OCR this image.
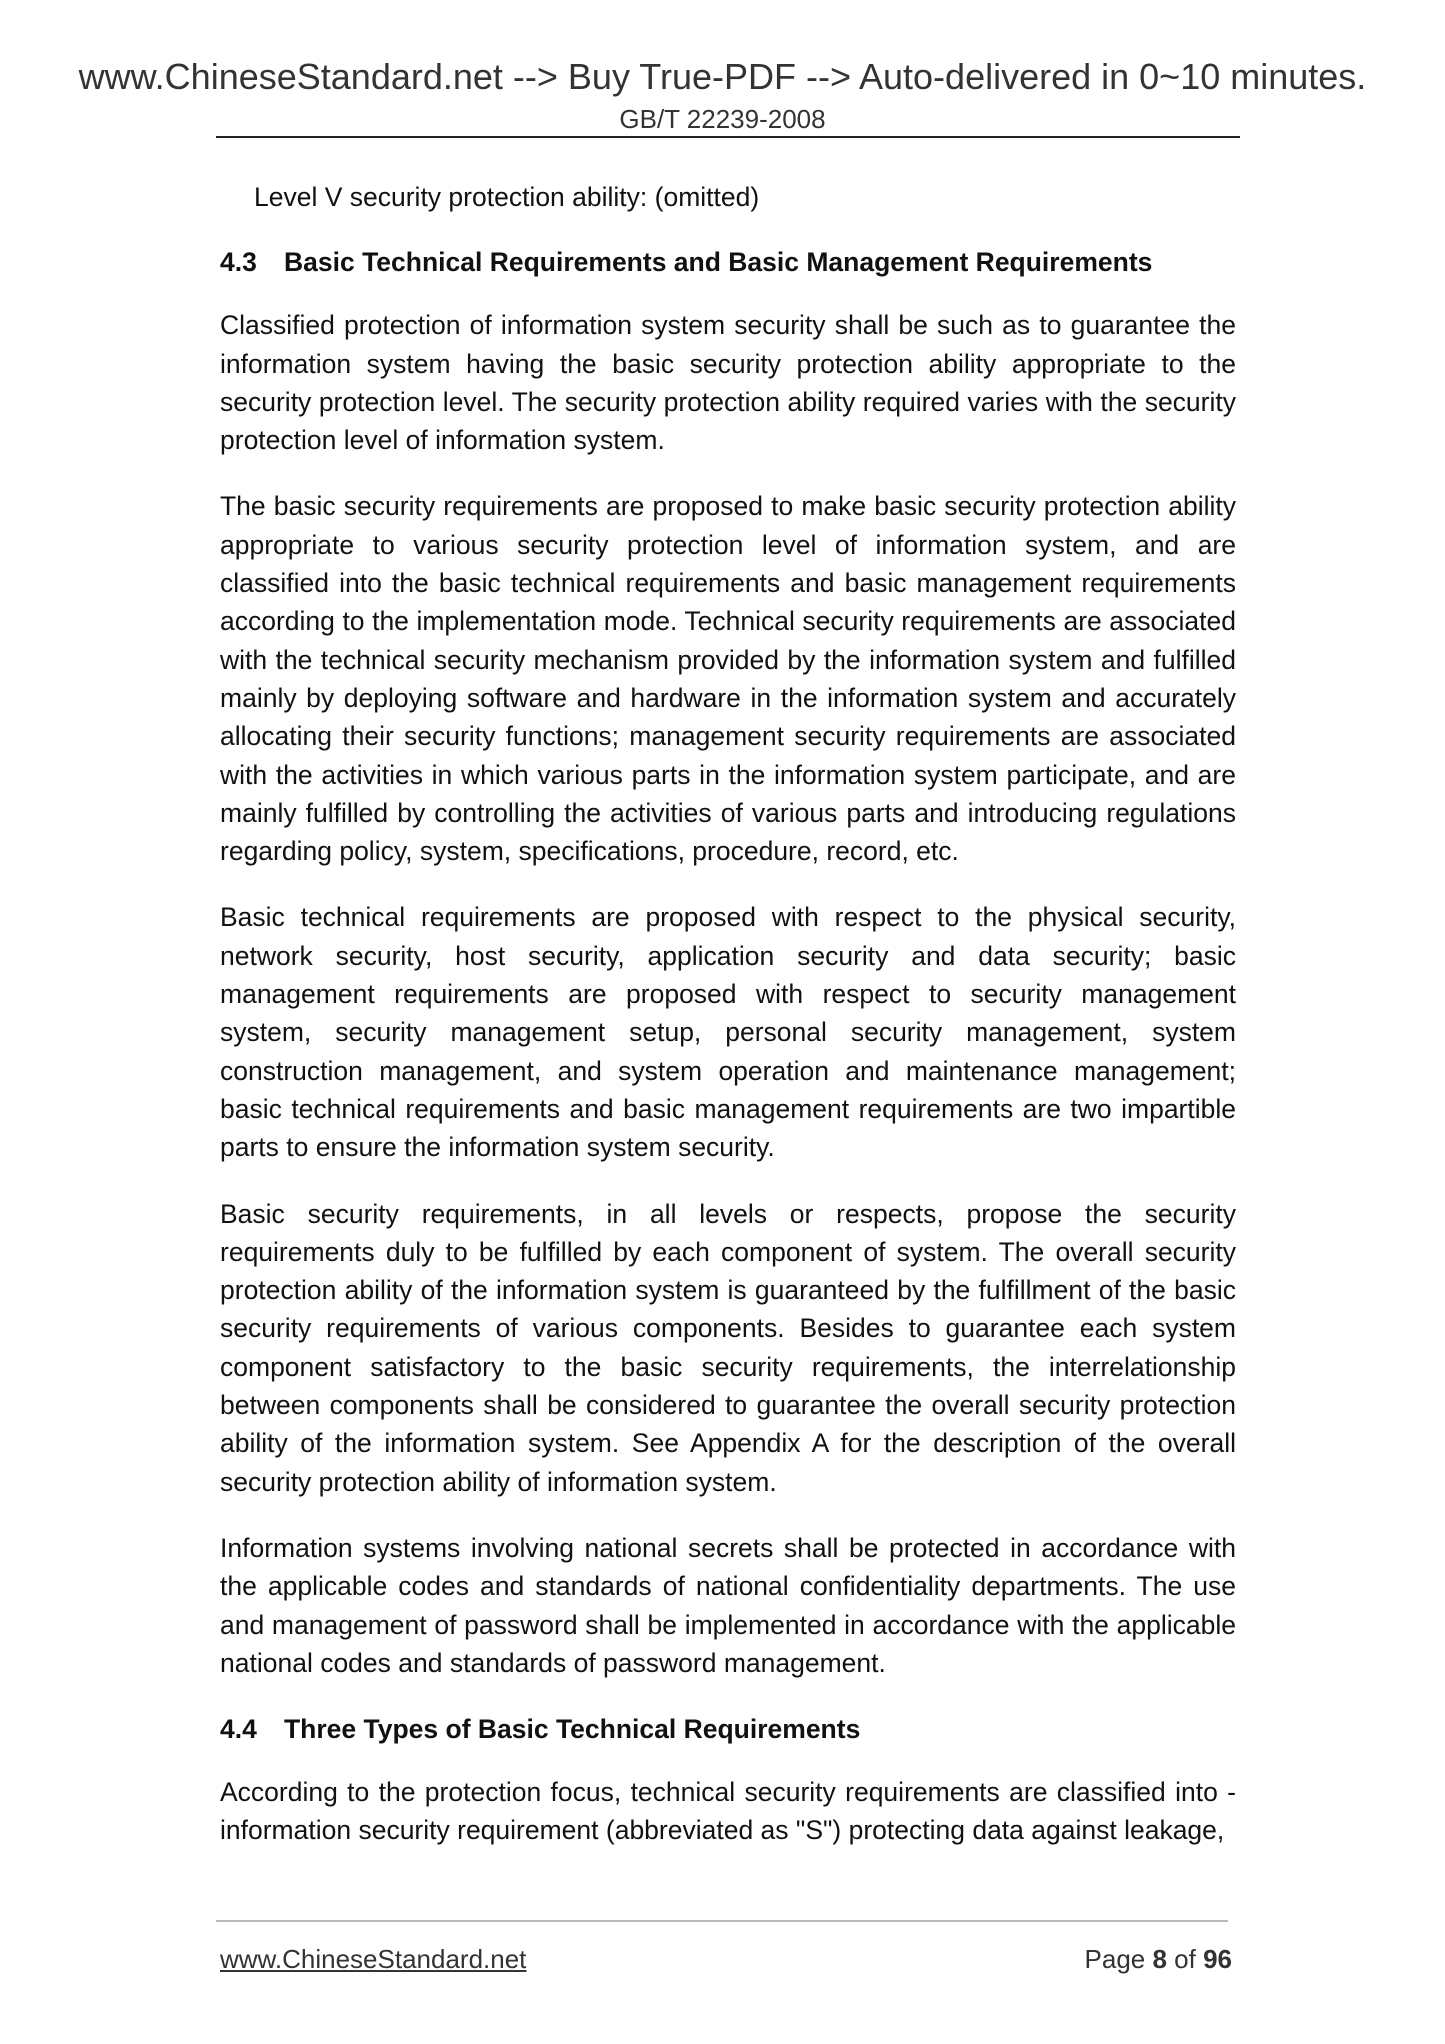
www.ChineseStandard.net --> Buy True-PDF --> Auto-delivered in 0~10 minutes.
GB/T 22239-2008

Level V security protection ability: (omitted)

4.3 Basic Technical Requirements and Basic Management Requirements

Classified protection of information system security shall be such as to guarantee the information system having the basic security protection ability appropriate to the security protection level. The security protection ability required varies with the security protection level of information system.

The basic security requirements are proposed to make basic security protection ability appropriate to various security protection level of information system, and are classified into the basic technical requirements and basic management requirements according to the implementation mode. Technical security requirements are associated with the technical security mechanism provided by the information system and fulfilled mainly by deploying software and hardware in the information system and accurately allocating their security functions; management security requirements are associated with the activities in which various parts in the information system participate, and are mainly fulfilled by controlling the activities of various parts and introducing regulations regarding policy, system, specifications, procedure, record, etc.

Basic technical requirements are proposed with respect to the physical security, network security, host security, application security and data security; basic management requirements are proposed with respect to security management system, security management setup, personal security management, system construction management, and system operation and maintenance management; basic technical requirements and basic management requirements are two impartible parts to ensure the information system security.

Basic security requirements, in all levels or respects, propose the security requirements duly to be fulfilled by each component of system. The overall security protection ability of the information system is guaranteed by the fulfillment of the basic security requirements of various components. Besides to guarantee each system component satisfactory to the basic security requirements, the interrelationship between components shall be considered to guarantee the overall security protection ability of the information system. See Appendix A for the description of the overall security protection ability of information system.

Information systems involving national secrets shall be protected in accordance with the applicable codes and standards of national confidentiality departments. The use and management of password shall be implemented in accordance with the applicable national codes and standards of password management.

4.4 Three Types of Basic Technical Requirements

According to the protection focus, technical security requirements are classified into - information security requirement (abbreviated as "S") protecting data against leakage,

www.ChineseStandard.net	Page 8 of 96
